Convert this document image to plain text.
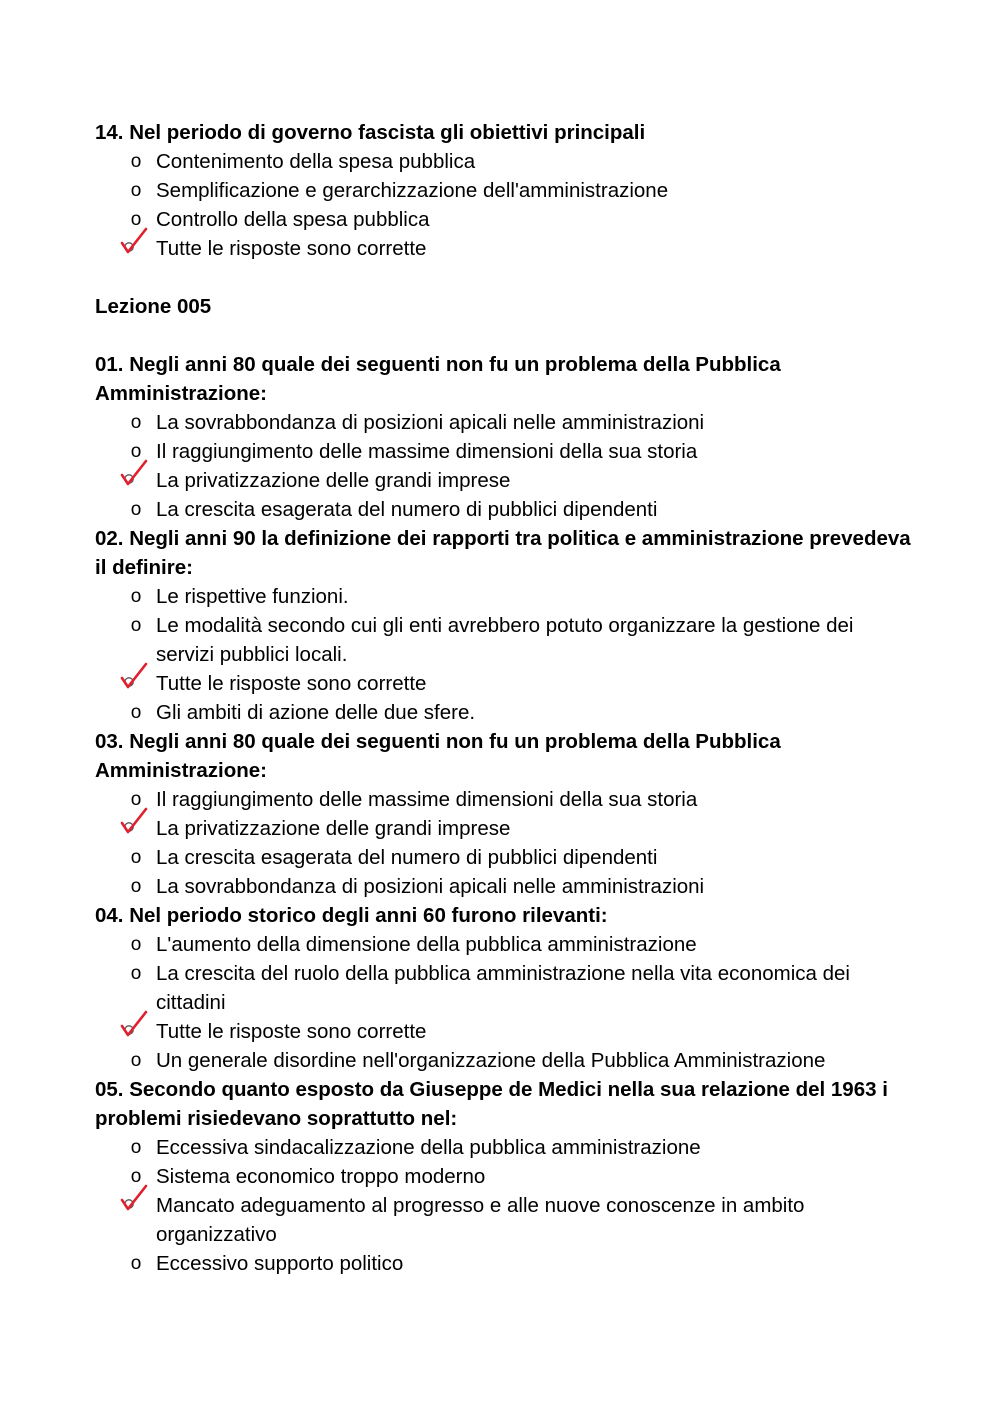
14. Nel periodo di governo fascista gli obiettivi principali
o Contenimento della spesa pubblica
o Semplificazione e gerarchizzazione dell'amministrazione
o Controllo della spesa pubblica
Tutte le risposte sono corrette
Lezione 005
01. Negli anni 80 quale dei seguenti non fu un problema della Pubblica Amministrazione:
o La sovrabbondanza di posizioni apicali nelle amministrazioni
o Il raggiungimento delle massime dimensioni della sua storia
La privatizzazione delle grandi imprese
o La crescita esagerata del numero di pubblici dipendenti
02. Negli anni 90 la definizione dei rapporti tra politica e amministrazione prevedeva il definire:
o Le rispettive funzioni.
o Le modalità secondo cui gli enti avrebbero potuto organizzare la gestione dei servizi pubblici locali.
Tutte le risposte sono corrette
o Gli ambiti di azione delle due sfere.
03. Negli anni 80 quale dei seguenti non fu un problema della Pubblica Amministrazione:
o Il raggiungimento delle massime dimensioni della sua storia
La privatizzazione delle grandi imprese
o La crescita esagerata del numero di pubblici dipendenti
o La sovrabbondanza di posizioni apicali nelle amministrazioni
04. Nel periodo storico degli anni 60 furono rilevanti:
o L'aumento della dimensione della pubblica amministrazione
o La crescita del ruolo della pubblica amministrazione nella vita economica dei cittadini
Tutte le risposte sono corrette
o Un generale disordine nell'organizzazione della Pubblica Amministrazione
05. Secondo quanto esposto da Giuseppe de Medici nella sua relazione del 1963 i problemi risiedevano soprattutto nel:
o Eccessiva sindacalizzazione della pubblica amministrazione
o Sistema economico troppo moderno
Mancato adeguamento al progresso e alle nuove conoscenze in ambito organizzativo
o Eccessivo supporto politico
